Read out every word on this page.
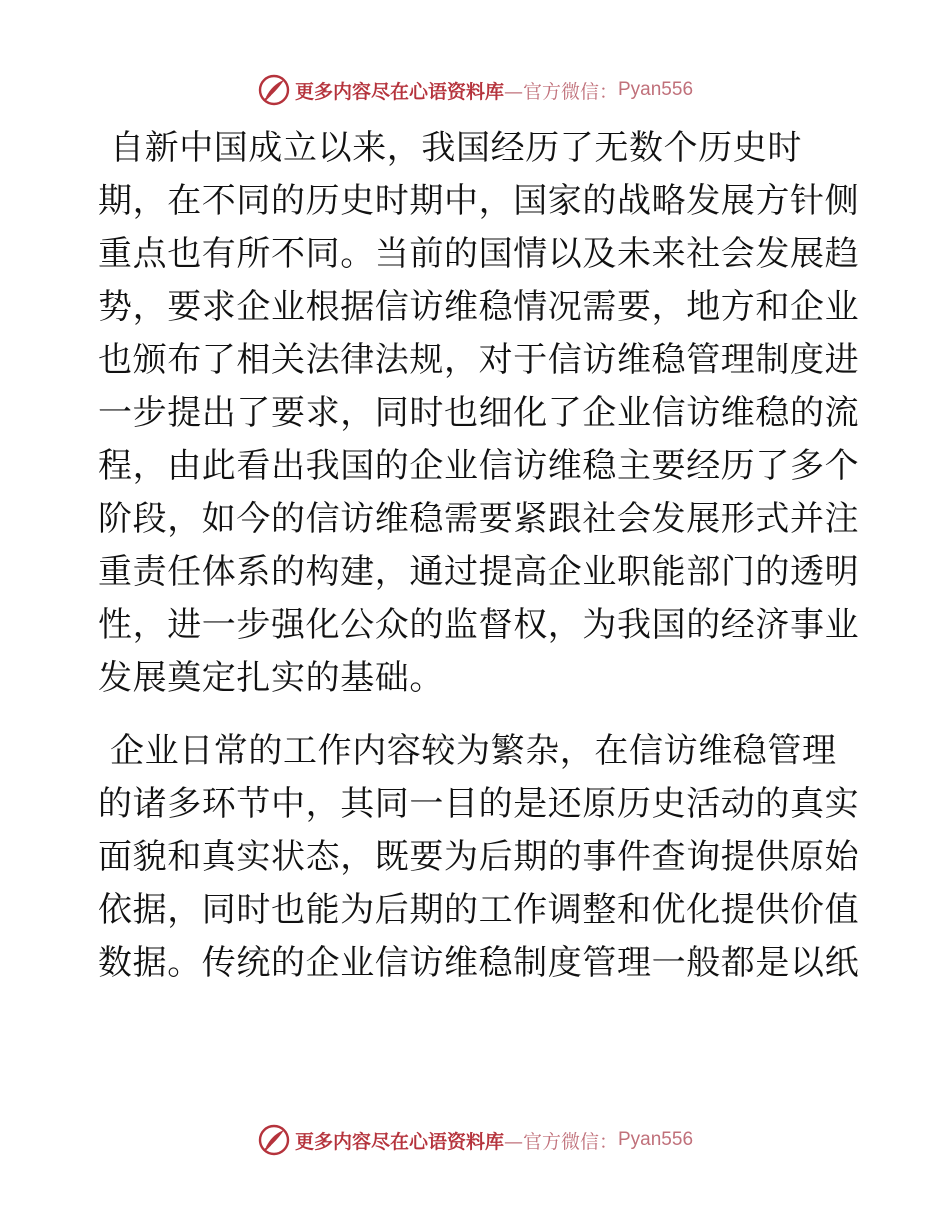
更多内容尽在心语资料库 —官方微信： Pyan556

自新中国成立以来，我国经历了无数个历史时
期，在不同的历史时期中，国家的战略发展方针侧
重点也有所不同。当前的国情以及未来社会发展趋
势，要求企业根据信访维稳情况需要，地方和企业
也颁布了相关法律法规，对于信访维稳管理制度进
一步提出了要求，同时也细化了企业信访维稳的流
程，由此看出我国的企业信访维稳主要经历了多个
阶段，如今的信访维稳需要紧跟社会发展形式并注
重责任体系的构建，通过提高企业职能部门的透明
性，进一步强化公众的监督权，为我国的经济事业
发展奠定扎实的基础。

企业日常的工作内容较为繁杂，在信访维稳管理
的诸多环节中，其同一目的是还原历史活动的真实
面貌和真实状态，既要为后期的事件查询提供原始
依据，同时也能为后期的工作调整和优化提供价值
数据。传统的企业信访维稳制度管理一般都是以纸

更多内容尽在心语资料库 —官方微信： Pyan556
